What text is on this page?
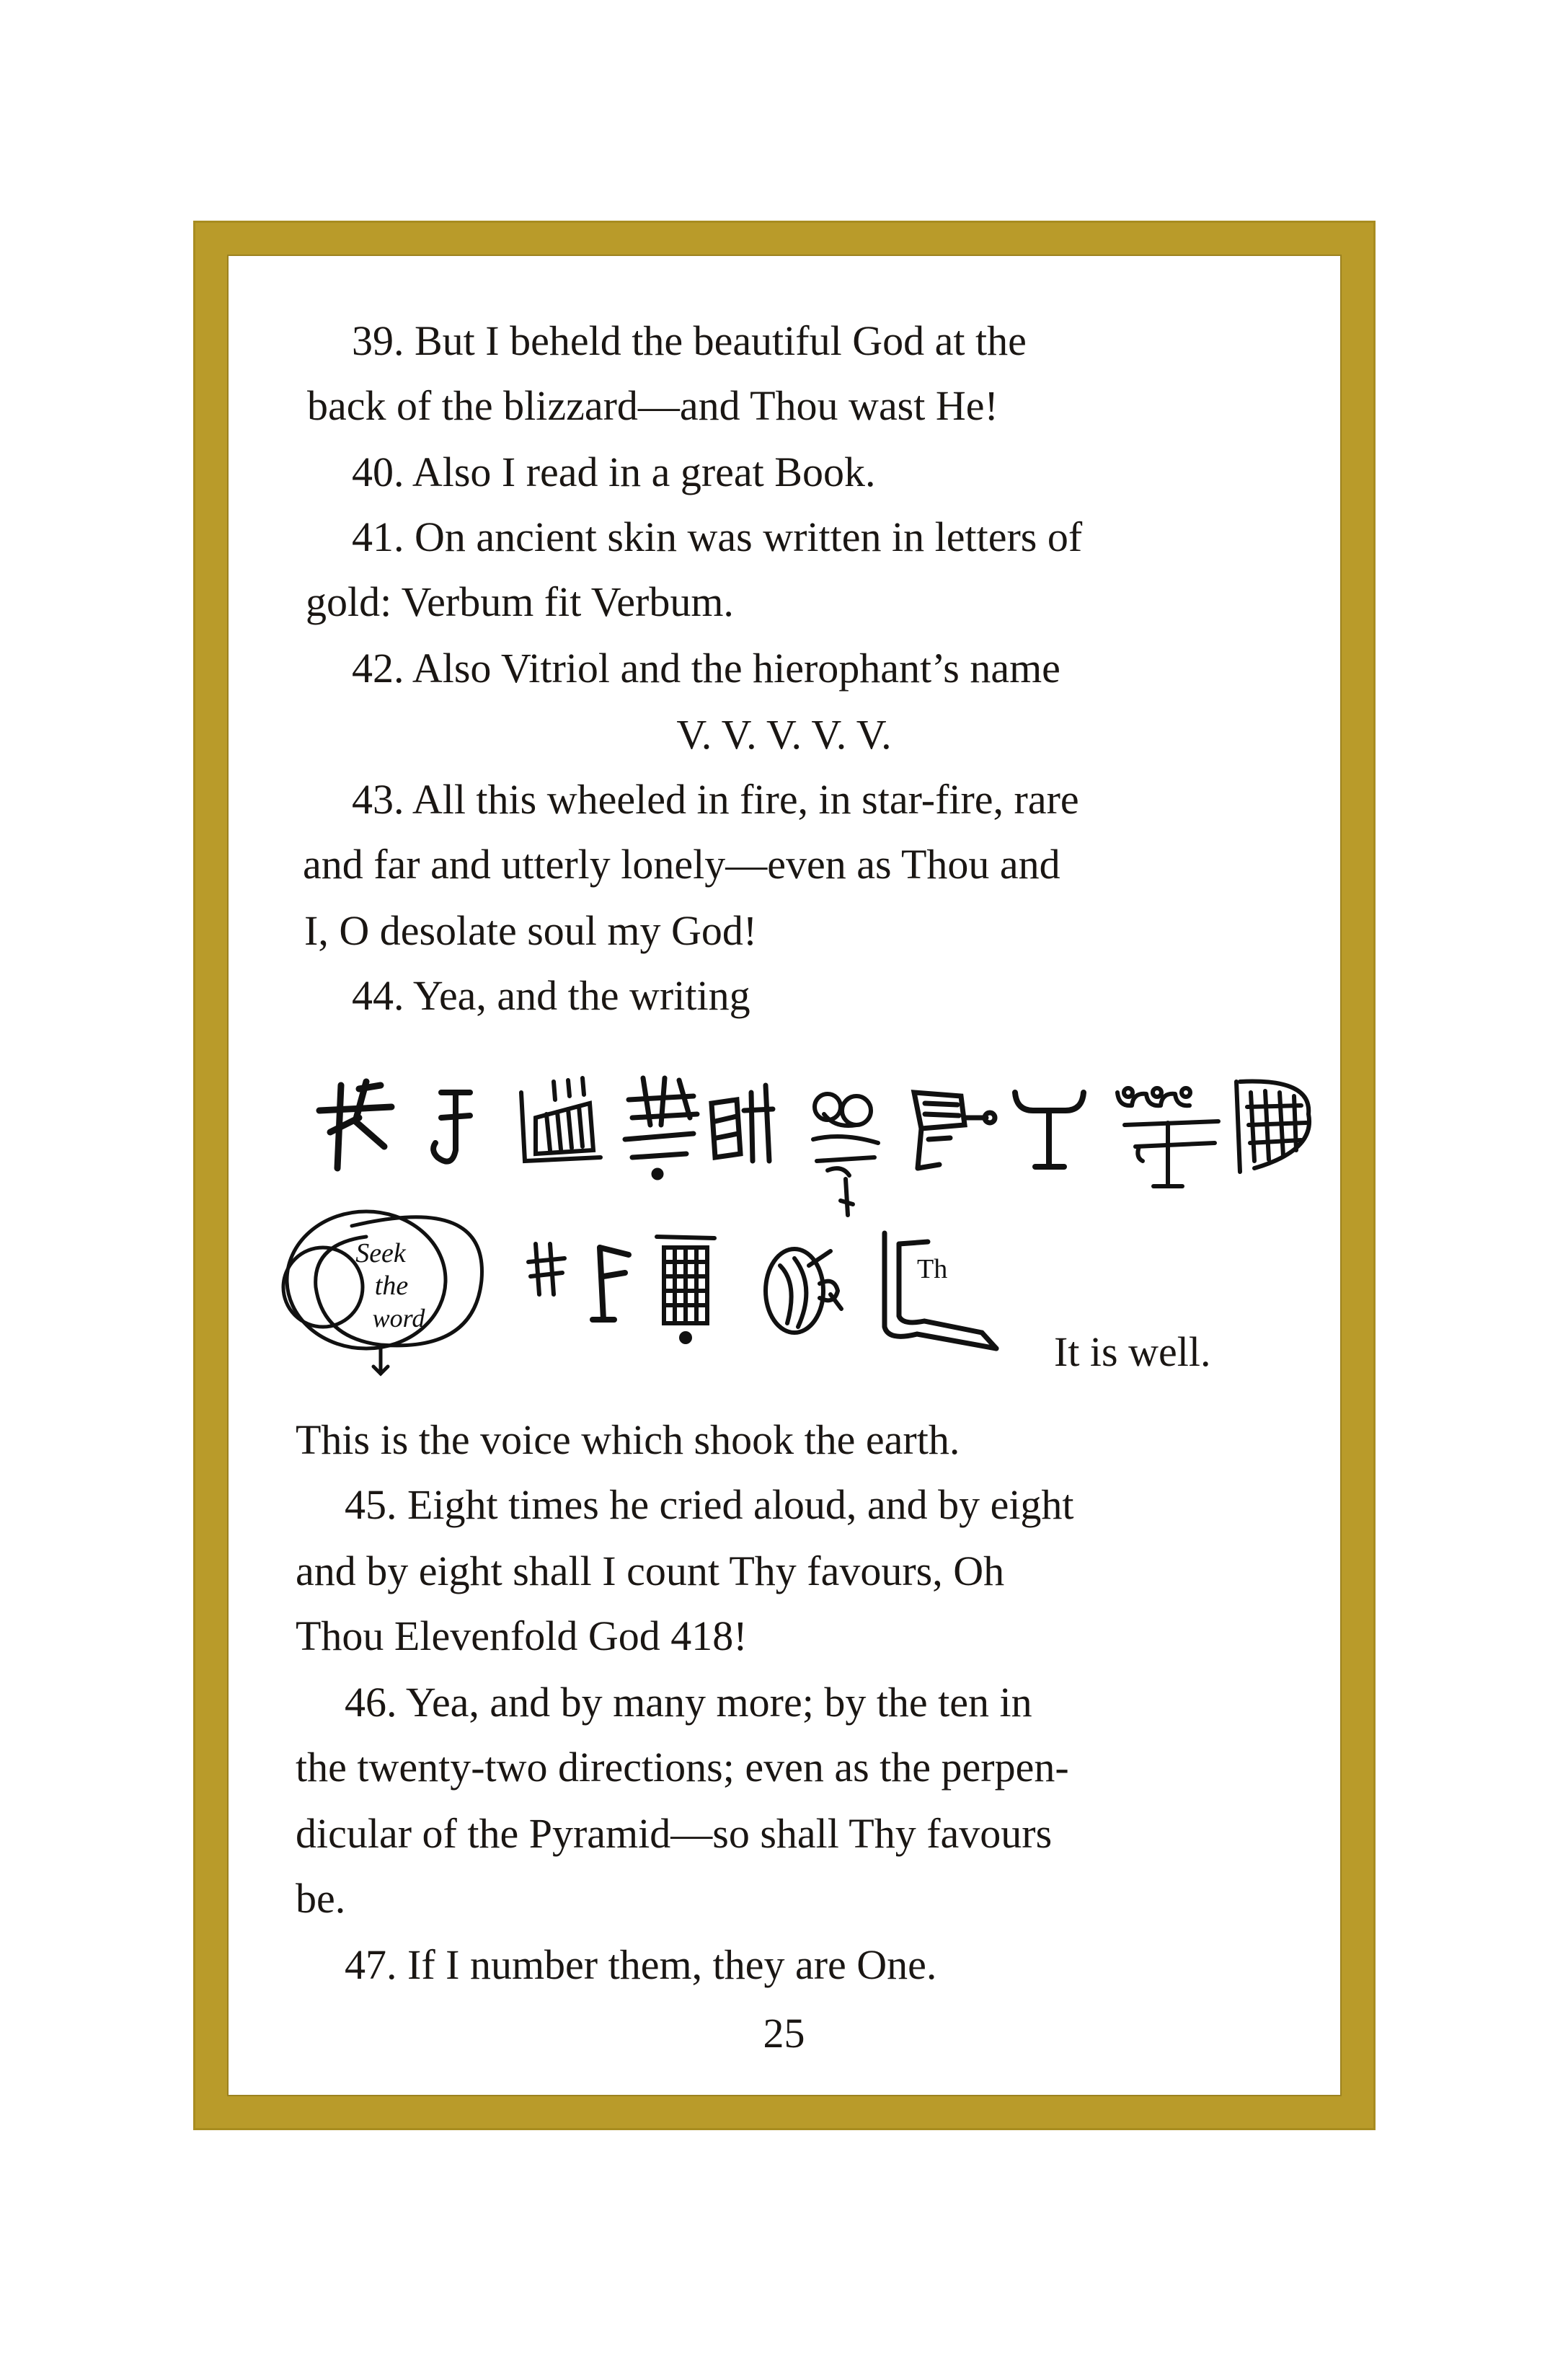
39. But I beheld the beautiful God at the
back of the blizzard—and Thou wast He!
40. Also I read in a great Book.
41. On ancient skin was written in letters of
gold: Verbum fit Verbum.
42. Also Vitriol and the hierophant’s name
V. V. V. V. V.
43. All this wheeled in fire, in star-fire, rare
and far and utterly lonely—even as Thou and
I, O desolate soul my God!
44. Yea, and the writing
Seek
the
word
Th
It is well.
This is the voice which shook the earth.
45. Eight times he cried aloud, and by eight
and by eight shall I count Thy favours, Oh
Thou Elevenfold God 418!
46. Yea, and by many more; by the ten in
the twenty-two directions; even as the perpen-
dicular of the Pyramid—so shall Thy favours
be.
47. If I number them, they are One.
25
